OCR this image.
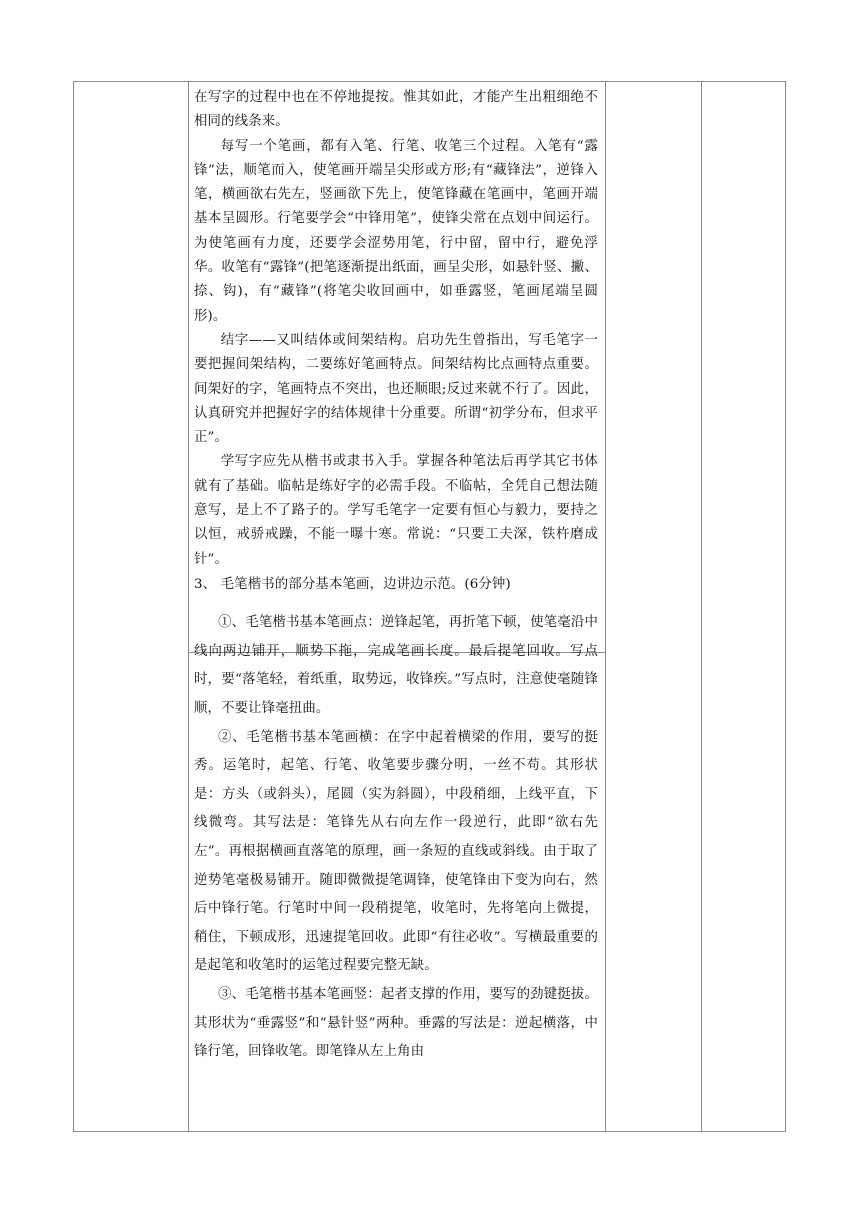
在写字的过程中也在不停地提按。惟其如此，才能产生出粗细绝不相同的线条来。

每写一个笔画，都有入笔、行笔、收笔三个过程。入笔有“露锋”法，顺笔而入，使笔画开端呈尖形或方形;有“藏锋法”，逆锋入笔，横画欲右先左，竖画欲下先上，使笔锋藏在笔画中，笔画开端基本呈圆形。行笔要学会“中锋用笔”，使锋尖常在点划中间运行。为使笔画有力度，还要学会涩势用笔，行中留，留中行，避免浮华。收笔有“露锋”(把笔逐渐提出纸面，画呈尖形，如悬针竖、撇、捺、钩)，有“藏锋”(将笔尖收回画中，如垂露竖，笔画尾端呈圆形)。

结字——又叫结体或间架结构。启功先生曾指出，写毛笔字一要把握间架结构，二要练好笔画特点。间架结构比点画特点重要。间架好的字，笔画特点不突出，也还顺眼;反过来就不行了。因此，认真研究并把握好字的结体规律十分重要。所谓“初学分布，但求平正”。

学写字应先从楷书或隶书入手。掌握各种笔法后再学其它书体就有了基础。临帖是练好字的必需手段。不临帖，全凭自己想法随意写，是上不了路子的。学写毛笔字一定要有恒心与毅力，要持之以恒，戒骄戒躁，不能一曝十寒。常说：“只要工夫深，铁杵磨成针”。

3、 毛笔楷书的部分基本笔画，边讲边示范。(6分钟)

①、毛笔楷书基本笔画点：逆锋起笔，再折笔下顿，使笔毫沿中线向两边铺开，顺势下拖，完成笔画长度。最后提笔回收。写点时，要“落笔轻，着纸重，取势远，收锋疾。”写点时，注意使毫随锋顺，不要让锋毫扭曲。

②、毛笔楷书基本笔画横：在字中起着横梁的作用，要写的挺秀。运笔时，起笔、行笔、收笔要步骤分明，一丝不苟。其形状是：方头（或斜头），尾圆（实为斜圆），中段稍细，上线平直，下线微弯。其写法是：笔锋先从右向左作一段逆行，此即“欲右先左”。再根据横画直落笔的原理，画一条短的直线或斜线。由于取了逆势笔毫极易铺开。随即微微提笔调锋，使笔锋由下变为向右，然后中锋行笔。行笔时中间一段稍提笔，收笔时，先将笔向上微提，稍住，下顿成形，迅速提笔回收。此即“有往必收”。写横最重要的是起笔和收笔时的运笔过程要完整无缺。

③、毛笔楷书基本笔画竖：起者支撑的作用，要写的劲键挺拔。其形状为“垂露竖”和“悬针竖”两种。垂露的写法是：逆起横落，中锋行笔，回锋收笔。即笔锋从左上角由
